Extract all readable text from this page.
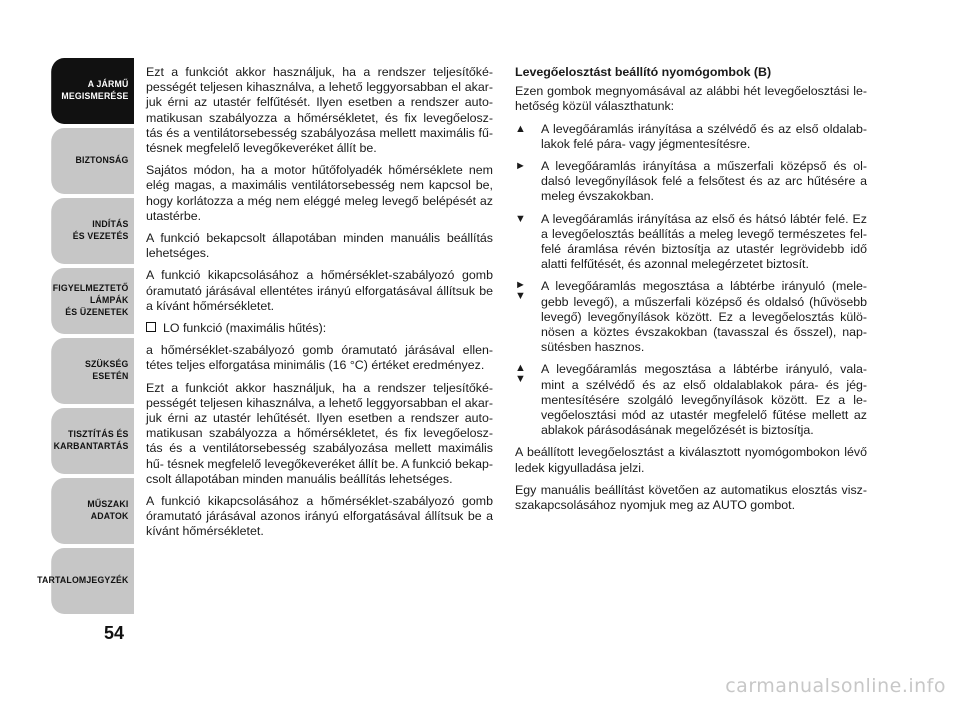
A JÁRMŰ
MEGISMERÉSE
BIZTONSÁG
INDÍTÁS
ÉS VEZETÉS
FIGYELMEZTETŐ
LÁMPÁK
ÉS ÜZENETEK
SZÜKSÉG
ESETÉN
TISZTÍTÁS ÉS
KARBANTARTÁS
MŰSZAKI
ADATOK
TARTALOMJEGYZÉK
54

Ezt a funkciót akkor használjuk, ha a rendszer teljesítőké- pességét teljesen kihasználva, a lehető leggyorsabban el akar- juk érni az utastér felfűtését. Ilyen esetben a rendszer auto- matikusan szabályozza a hőmérsékletet, és fix levegőelosz- tás és a ventilátorsebesség szabályozása mellett maximális fű- tésnek megfelelő levegőkeveréket állít be.

Sajátos módon, ha a motor hűtőfolyadék hőmérséklete nem elég magas, a maximális ventilátorsebesség nem kapcsol be, hogy korlátozza a még nem eléggé meleg levegő belépését az utastérbe.

A funkció bekapcsolt állapotában minden manuális beállítás lehetséges.

A funkció kikapcsolásához a hőmérséklet-szabályozó gomb óramutató járásával ellentétes irányú elforgatásával állítsuk be a kívánt hőmérsékletet.

LO funkció (maximális hűtés):

a hőmérséklet-szabályozó gomb óramutató járásával ellen- tétes teljes elforgatása minimális (16 °C) értéket eredményez.

Ezt a funkciót akkor használjuk, ha a rendszer teljesítőké- pességét teljesen kihasználva, a lehető leggyorsabban el akar- juk érni az utastér lehűtését. Ilyen esetben a rendszer auto- matikusan szabályozza a hőmérsékletet, és fix levegőelosz- tás és a ventilátorsebesség szabályozása mellett maximális hű- tésnek megfelelő levegőkeveréket állít be. A funkció bekap- csolt állapotában minden manuális beállítás lehetséges.

A funkció kikapcsolásához a hőmérséklet-szabályozó gomb óramutató járásával azonos irányú elforgatásával állítsuk be a kívánt hőmérsékletet.

Levegőelosztást beállító nyomógombok (B)

Ezen gombok megnyomásával az alábbi hét levegőelosztási le- hetőség közül választhatunk:

▲	A levegőáramlás irányítása a szélvédő és az első oldalab- lakok felé pára- vagy jégmentesítésre.
►	A levegőáramlás irányítása a műszerfali középső és ol- dalsó levegőnyílások felé a felsőtest és az arc hűtésére a meleg évszakokban.
▼	A levegőáramlás irányítása az első és hátsó lábtér felé. Ez a levegőelosztás beállítás a meleg levegő természetes fel- felé áramlása révén biztosítja az utastér legrövidebb idő alatti felfűtését, és azonnal melegérzetet biztosít.
►
▼
A levegőáramlás megosztása a lábtérbe irányuló (mele- gebb levegő), a műszerfali középső és oldalsó (hűvösebb levegő) levegőnyílások között. Ez a levegőelosztás külö- nösen a köztes évszakokban (tavasszal és ősszel), nap- sütésben hasznos.
▲
▼
A levegőáramlás megosztása a lábtérbe irányuló, vala- mint a szélvédő és az első oldalablakok pára- és jég- mentesítésére szolgáló levegőnyílások között. Ez a le- vegőelosztási mód az utastér megfelelő fűtése mellett az ablakok párásodásának megelőzését is biztosítja.

A beállított levegőelosztást a kiválasztott nyomógombokon lévő ledek kigyulladása jelzi.

Egy manuális beállítást követően az automatikus elosztás visz- szakapcsolásához nyomjuk meg az AUTO gombot.

carmanualsonline.info
